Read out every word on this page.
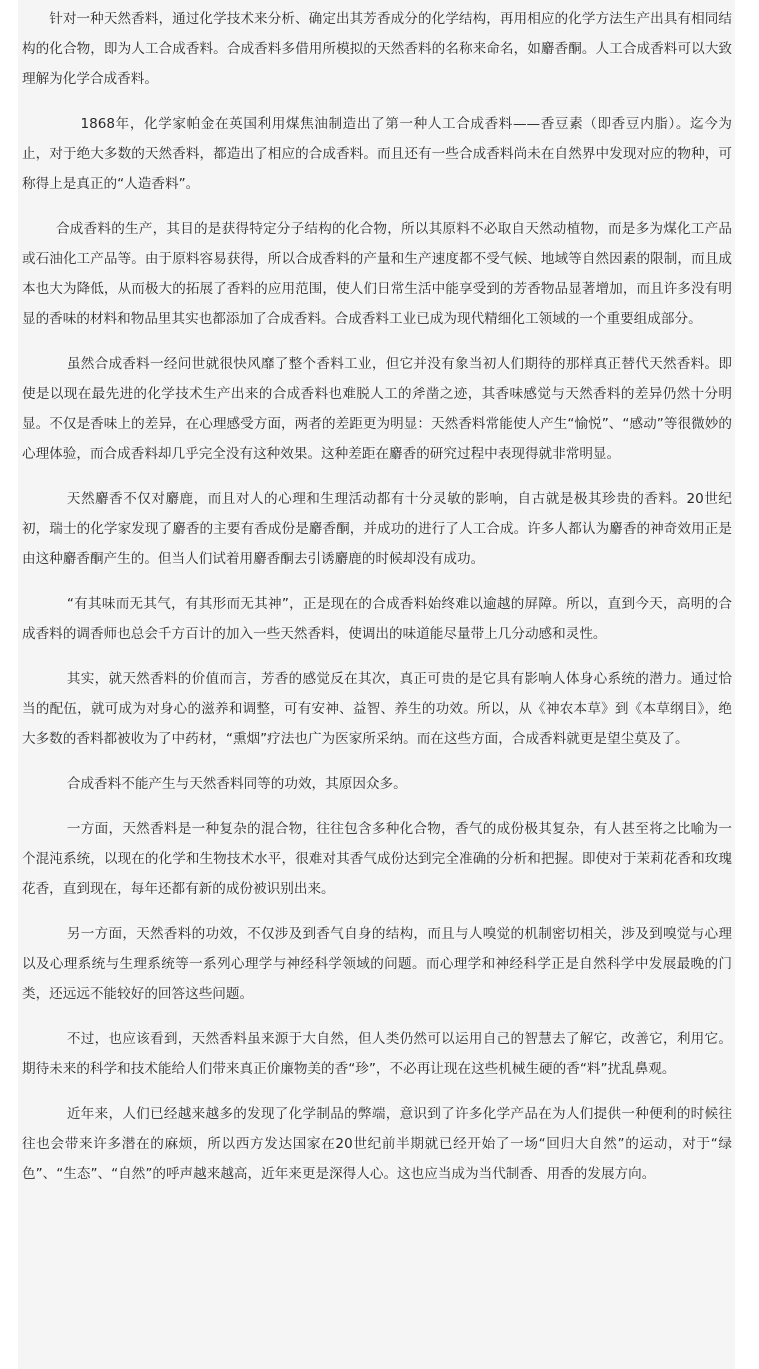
针对一种天然香料，通过化学技术来分析、确定出其芳香成分的化学结构，再用相应的化学方法生产出具有相同结构的化合物，即为人工合成香料。合成香料多借用所模拟的天然香料的名称来命名，如麝香酮。人工合成香料可以大致理解为化学合成香料。

1868年，化学家帕金在英国利用煤焦油制造出了第一种人工合成香料——香豆素（即香豆内脂）。迄今为止，对于绝大多数的天然香料，都造出了相应的合成香料。而且还有一些合成香料尚未在自然界中发现对应的物种，可称得上是真正的“人造香料”。

合成香料的生产，其目的是获得特定分子结构的化合物，所以其原料不必取自天然动植物，而是多为煤化工产品或石油化工产品等。由于原料容易获得，所以合成香料的产量和生产速度都不受气候、地域等自然因素的限制，而且成本也大为降低，从而极大的拓展了香料的应用范围，使人们日常生活中能享受到的芳香物品显著增加，而且许多没有明显的香味的材料和物品里其实也都添加了合成香料。合成香料工业已成为现代精细化工领域的一个重要组成部分。

虽然合成香料一经问世就很快风靡了整个香料工业，但它并没有象当初人们期待的那样真正替代天然香料。即使是以现在最先进的化学技术生产出来的合成香料也难脱人工的斧凿之迹，其香味感觉与天然香料的差异仍然十分明显。不仅是香味上的差异，在心理感受方面，两者的差距更为明显：天然香料常能使人产生“愉悦”、“感动”等很微妙的心理体验，而合成香料却几乎完全没有这种效果。这种差距在麝香的研究过程中表现得就非常明显。

天然麝香不仅对麝鹿，而且对人的心理和生理活动都有十分灵敏的影响，自古就是极其珍贵的香料。20世纪初，瑞士的化学家发现了麝香的主要有香成份是麝香酮，并成功的进行了人工合成。许多人都认为麝香的神奇效用正是由这种麝香酮产生的。但当人们试着用麝香酮去引诱麝鹿的时候却没有成功。

“有其味而无其气，有其形而无其神”，正是现在的合成香料始终难以逾越的屏障。所以，直到今天，高明的合成香料的调香师也总会千方百计的加入一些天然香料，使调出的味道能尽量带上几分动感和灵性。

其实，就天然香料的价值而言，芳香的感觉反在其次，真正可贵的是它具有影响人体身心系统的潜力。通过恰当的配伍，就可成为对身心的滋养和调整，可有安神、益智、养生的功效。所以，从《神农本草》到《本草纲目》，绝大多数的香料都被收为了中药材，“熏烟”疗法也广为医家所采纳。而在这些方面，合成香料就更是望尘莫及了。

合成香料不能产生与天然香料同等的功效，其原因众多。

一方面，天然香料是一种复杂的混合物，往往包含多种化合物，香气的成份极其复杂，有人甚至将之比喻为一个混沌系统，以现在的化学和生物技术水平，很难对其香气成份达到完全准确的分析和把握。即使对于茉莉花香和玫瑰花香，直到现在，每年还都有新的成份被识别出来。

另一方面，天然香料的功效，不仅涉及到香气自身的结构，而且与人嗅觉的机制密切相关，涉及到嗅觉与心理以及心理系统与生理系统等一系列心理学与神经科学领域的问题。而心理学和神经科学正是自然科学中发展最晚的门类，还远远不能较好的回答这些问题。

不过，也应该看到，天然香料虽来源于大自然，但人类仍然可以运用自己的智慧去了解它，改善它，利用它。期待未来的科学和技术能给人们带来真正价廉物美的香“珍”，不必再让现在这些机械生硬的香“料”扰乱鼻观。

近年来，人们已经越来越多的发现了化学制品的弊端，意识到了许多化学产品在为人们提供一种便利的时候往往也会带来许多潜在的麻烦，所以西方发达国家在20世纪前半期就已经开始了一场“回归大自然”的运动，对于“绿色”、“生态”、“自然”的呼声越来越高，近年来更是深得人心。这也应当成为当代制香、用香的发展方向。
